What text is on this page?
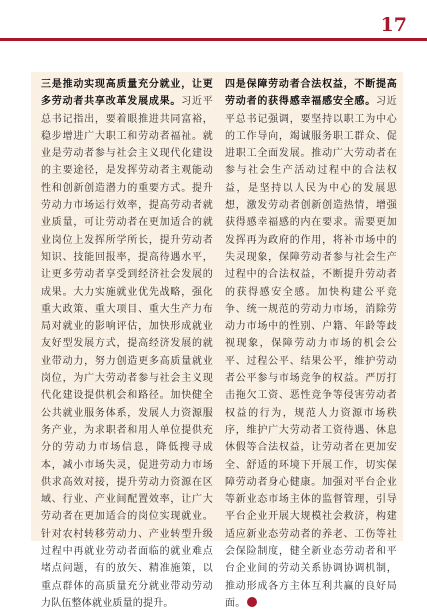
17

三是推动实现高质量充分就业，让更多劳动者共享改革发展成果。习近平总书记指出，要着眼推进共同富裕，稳步增进广大职工和劳动者福祉。就业是劳动者参与社会主义现代化建设的主要途径，是发挥劳动者主观能动性和创新创造潜力的重要方式。提升劳动力市场运行效率，提高劳动者就业质量，可让劳动者在更加适合的就业岗位上发挥所学所长，提升劳动者知识、技能回报率，提高待遇水平，让更多劳动者享受到经济社会发展的成果。大力实施就业优先战略，强化重大政策、重大项目、重大生产力布局对就业的影响评估，加快形成就业友好型发展方式，提高经济发展的就业带动力，努力创造更多高质量就业岗位，为广大劳动者参与社会主义现代化建设提供机会和路径。加快健全公共就业服务体系，发展人力资源服务产业，为求职者和用人单位提供充分的劳动力市场信息，降低搜寻成本，减小市场失灵，促进劳动力市场供求高效对接，提升劳动力资源在区域、行业、产业间配置效率，让广大劳动者在更加适合的岗位实现就业。针对农村转移劳动力、产业转型升级过程中再就业劳动者面临的就业难点堵点问题，有的放矢、精准施策，以重点群体的高质量充分就业带动劳动力队伍整体就业质量的提升。

四是保障劳动者合法权益，不断提高劳动者的获得感幸福感安全感。习近平总书记强调，要坚持以职工为中心的工作导向，竭诚服务职工群众、促进职工全面发展。推动广大劳动者在参与社会生产活动过程中的合法权益，是坚持以人民为中心的发展思想，激发劳动者创新创造热情，增强获得感幸福感的内在要求。需要更加发挥再为政府的作用，将补市场中的失灵现象，保障劳动者参与社会生产过程中的合法权益，不断提升劳动者的获得感安全感。加快构建公平竞争、统一规范的劳动力市场，消除劳动力市场中的性别、户籍、年龄等歧视现象，保障劳动力市场的机会公平、过程公平、结果公平，维护劳动者公平参与市场竞争的权益。严厉打击拖欠工资、恶性竞争等侵害劳动者权益的行为，规范人力资源市场秩序，维护广大劳动者工资待遇、休息休假等合法权益，让劳动者在更加安全、舒适的环境下开展工作，切实保障劳动者身心健康。加强对平台企业等新业态市场主体的监督管理，引导平台企业开展大规模社会救济，构建适应新业态劳动者的养老、工伤等社会保险制度，健全新业态劳动者和平台企业间的劳动关系协调协调机制，推动形成各方主体互利共赢的良好局面。
